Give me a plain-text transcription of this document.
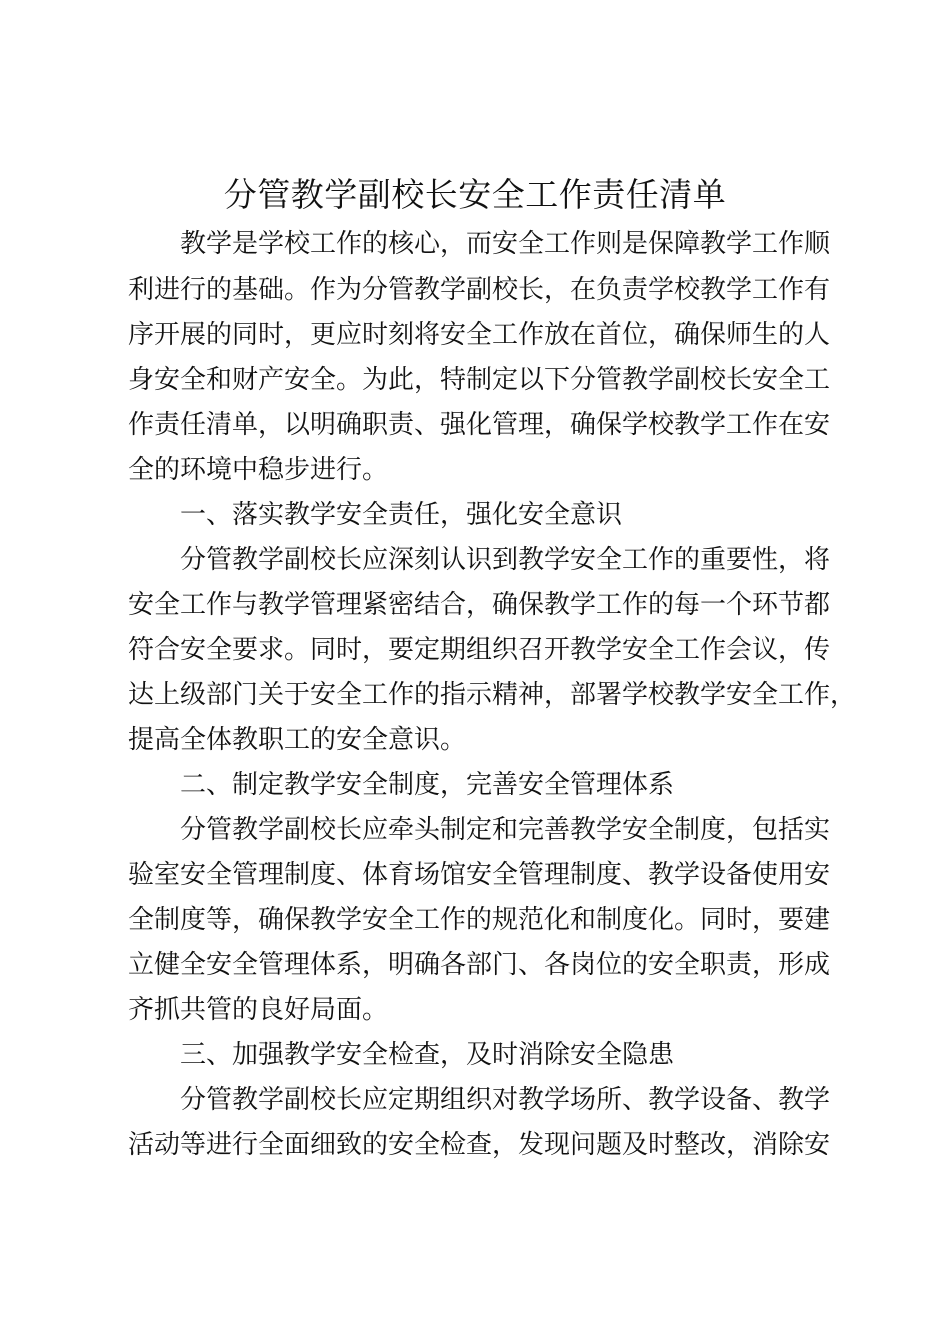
分管教学副校长安全工作责任清单
教学是学校工作的核心，而安全工作则是保障教学工作顺
利进行的基础。作为分管教学副校长，在负责学校教学工作有
序开展的同时，更应时刻将安全工作放在首位，确保师生的人
身安全和财产安全。为此，特制定以下分管教学副校长安全工
作责任清单，以明确职责、强化管理，确保学校教学工作在安
全的环境中稳步进行。
一、落实教学安全责任，强化安全意识
分管教学副校长应深刻认识到教学安全工作的重要性，将
安全工作与教学管理紧密结合，确保教学工作的每一个环节都
符合安全要求。同时，要定期组织召开教学安全工作会议，传
达上级部门关于安全工作的指示精神，部署学校教学安全工作，
提高全体教职工的安全意识。
二、制定教学安全制度，完善安全管理体系
分管教学副校长应牵头制定和完善教学安全制度，包括实
验室安全管理制度、体育场馆安全管理制度、教学设备使用安
全制度等，确保教学安全工作的规范化和制度化。同时，要建
立健全安全管理体系，明确各部门、各岗位的安全职责，形成
齐抓共管的良好局面。
三、加强教学安全检查，及时消除安全隐患
分管教学副校长应定期组织对教学场所、教学设备、教学
活动等进行全面细致的安全检查，发现问题及时整改，消除安
